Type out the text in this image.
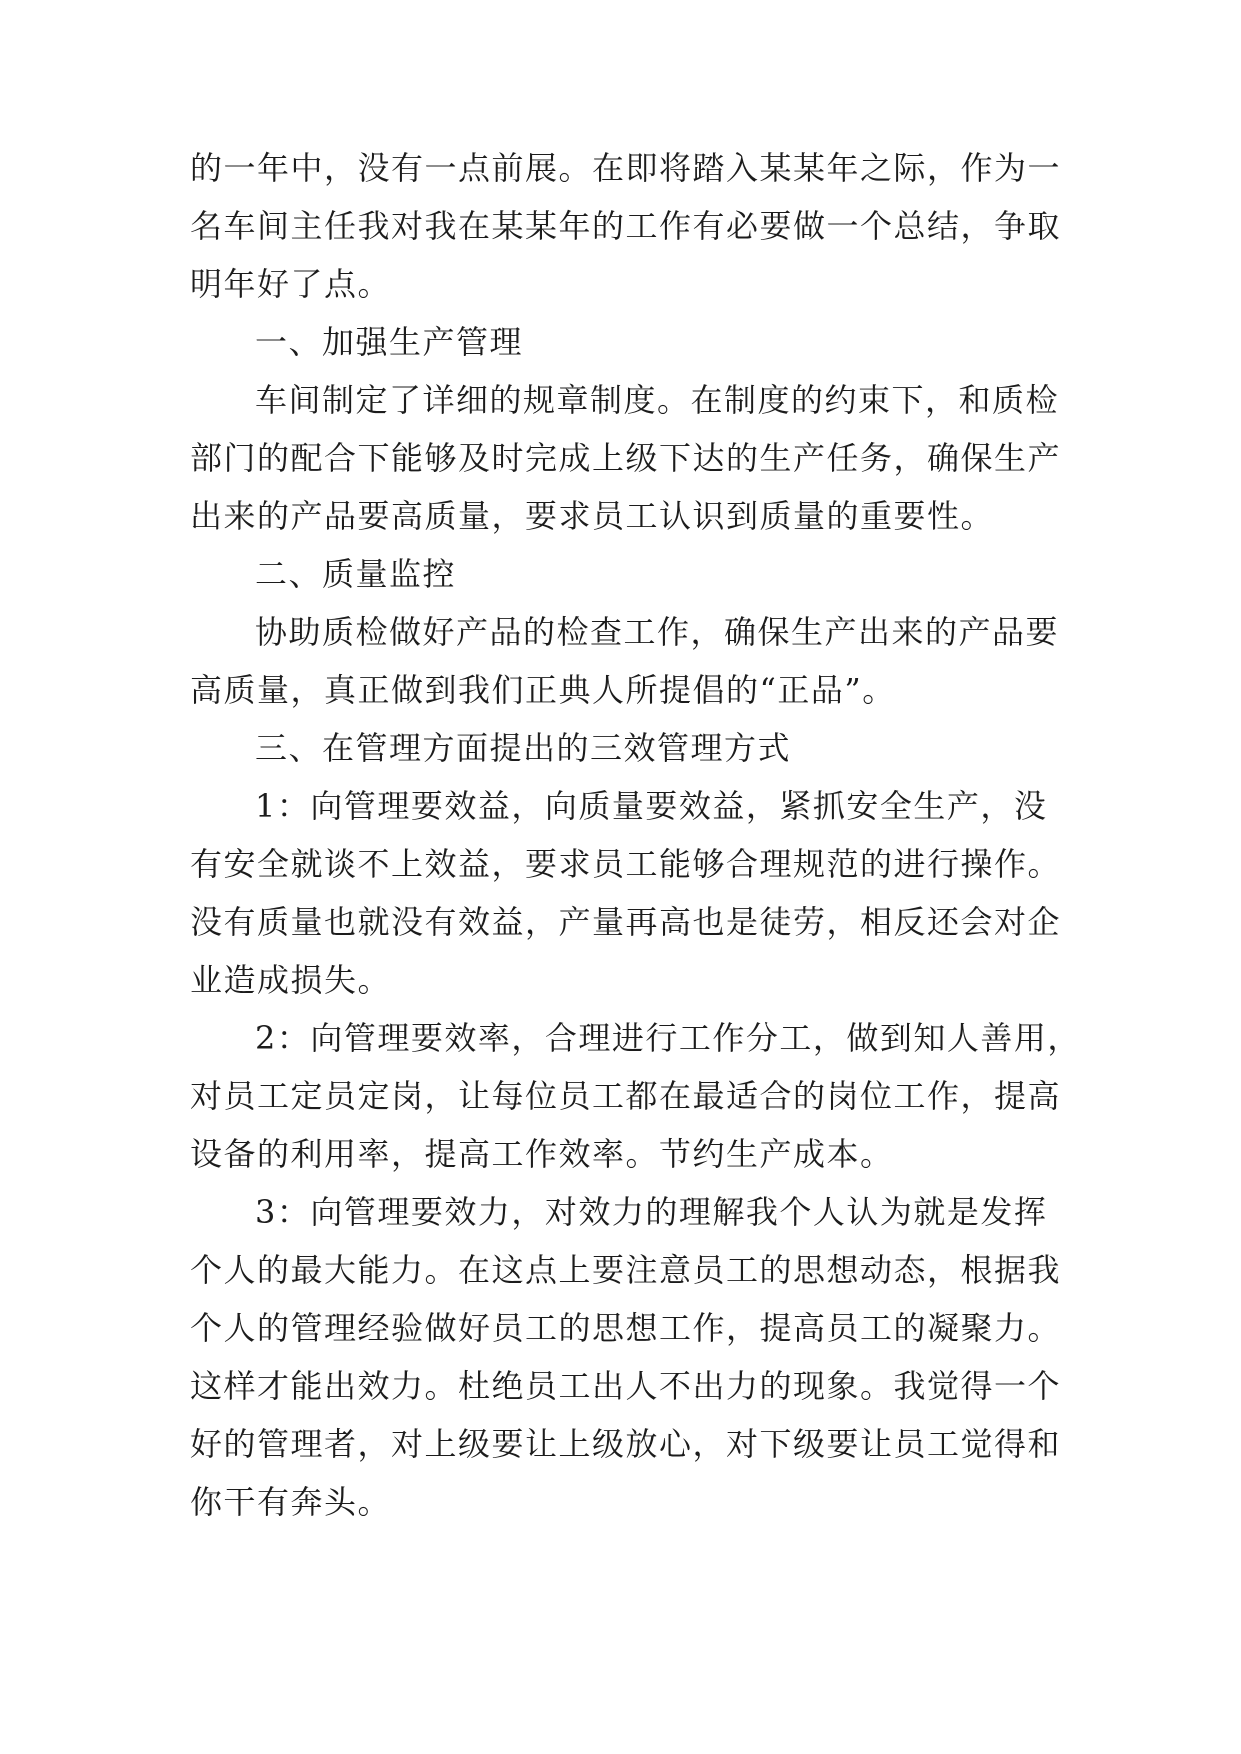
的一年中，没有一点前展。在即将踏入某某年之际，作为一

名车间主任我对我在某某年的工作有必要做一个总结，争取

明年好了点。

一、加强生产管理

车间制定了详细的规章制度。在制度的约束下，和质检

部门的配合下能够及时完成上级下达的生产任务，确保生产

出来的产品要高质量，要求员工认识到质量的重要性。

二、质量监控

协助质检做好产品的检查工作，确保生产出来的产品要

高质量，真正做到我们正典人所提倡的“正品”。

三、在管理方面提出的三效管理方式

1：向管理要效益，向质量要效益，紧抓安全生产，没

有安全就谈不上效益，要求员工能够合理规范的进行操作。

没有质量也就没有效益，产量再高也是徒劳，相反还会对企

业造成损失。

2：向管理要效率，合理进行工作分工，做到知人善用，

对员工定员定岗，让每位员工都在最适合的岗位工作，提高

设备的利用率，提高工作效率。节约生产成本。

3：向管理要效力，对效力的理解我个人认为就是发挥

个人的最大能力。在这点上要注意员工的思想动态，根据我

个人的管理经验做好员工的思想工作，提高员工的凝聚力。

这样才能出效力。杜绝员工出人不出力的现象。我觉得一个

好的管理者，对上级要让上级放心，对下级要让员工觉得和

你干有奔头。
